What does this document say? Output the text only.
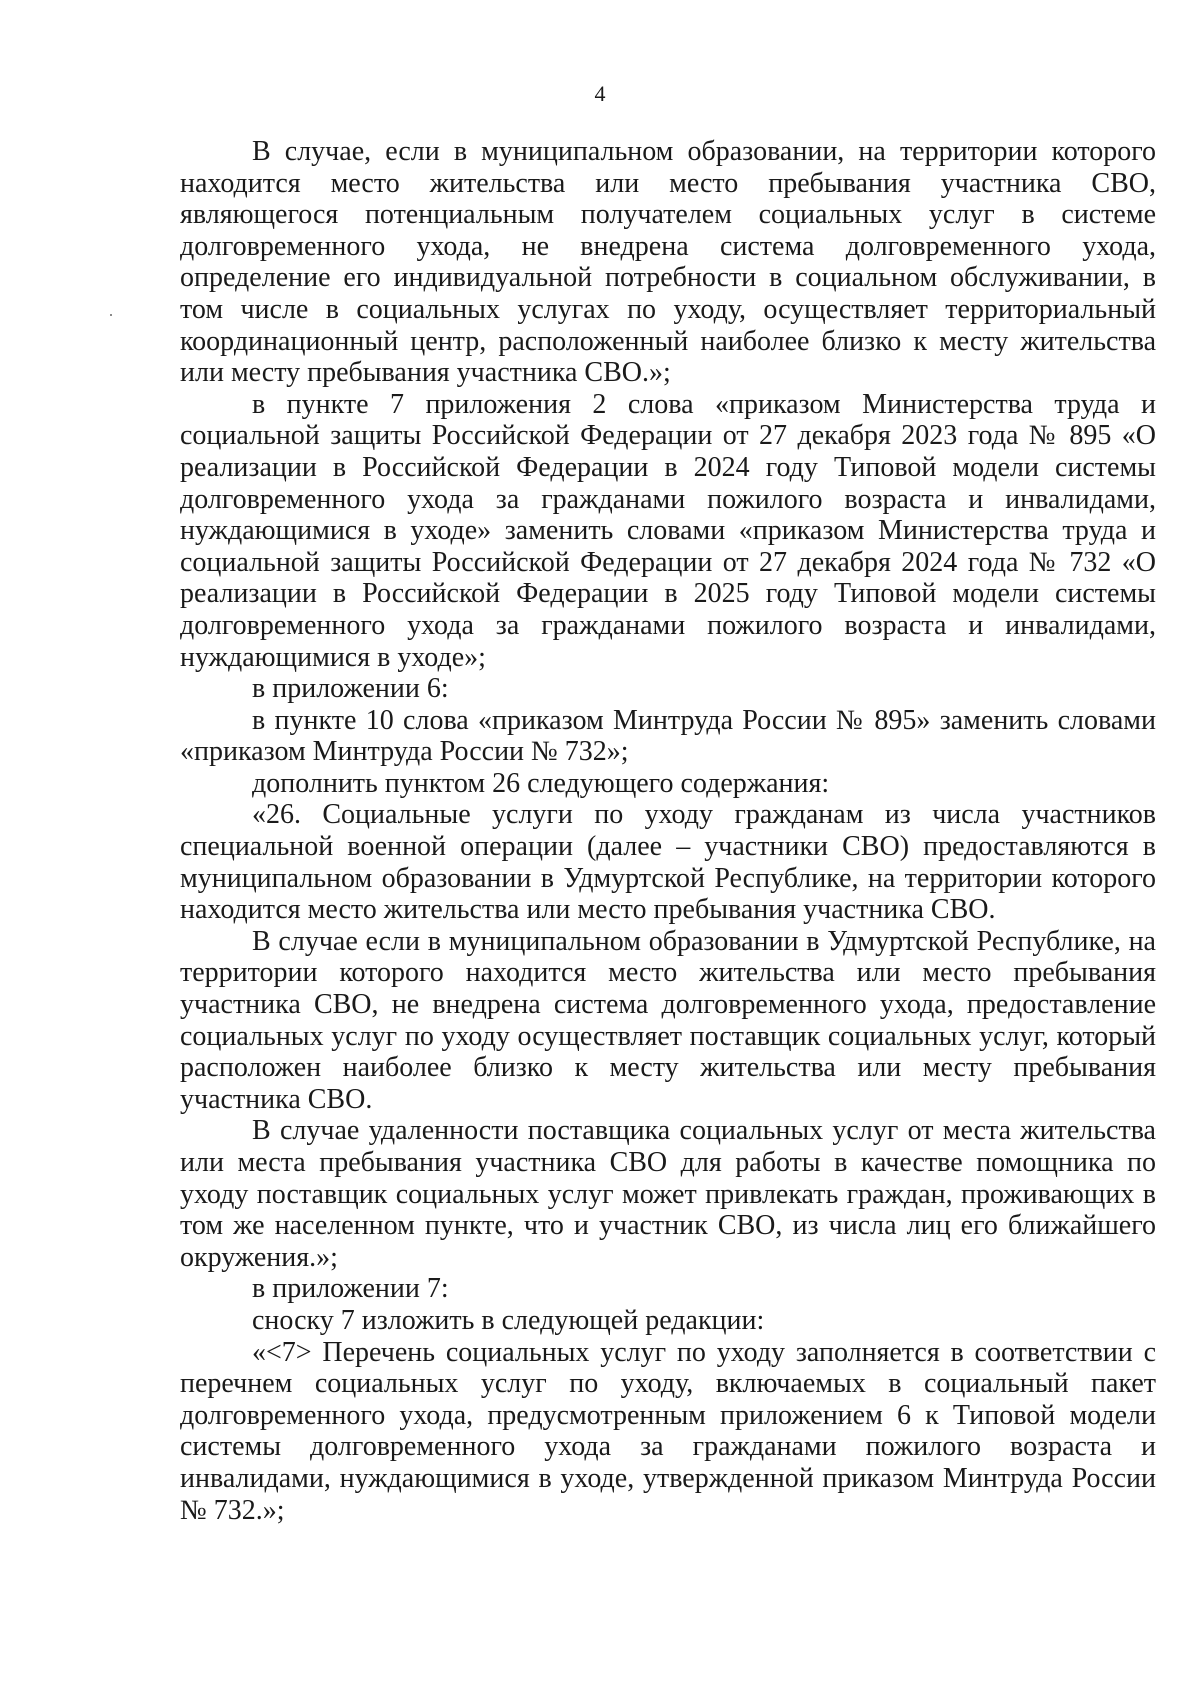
4

В случае, если в муниципальном образовании, на территории которого находится место жительства или место пребывания участника СВО, являющегося потенциальным получателем социальных услуг в системе долговременного ухода, не внедрена система долговременного ухода, определение его индивидуальной потребности в социальном обслуживании, в том числе в социальных услугах по уходу, осуществляет территориальный координационный центр, расположенный наиболее близко к месту жительства или месту пребывания участника СВО.»;

в пункте 7 приложения 2 слова «приказом Министерства труда и социальной защиты Российской Федерации от 27 декабря 2023 года № 895 «О реализации в Российской Федерации в 2024 году Типовой модели системы долговременного ухода за гражданами пожилого возраста и инвалидами, нуждающимися в уходе» заменить словами «приказом Министерства труда и социальной защиты Российской Федерации от 27 декабря 2024 года № 732 «О реализации в Российской Федерации в 2025 году Типовой модели системы долговременного ухода за гражданами пожилого возраста и инвалидами, нуждающимися в уходе»;

в приложении 6:

в пункте 10 слова «приказом Минтруда России № 895» заменить словами «приказом Минтруда России № 732»;

дополнить пунктом 26 следующего содержания:

«26. Социальные услуги по уходу гражданам из числа участников специальной военной операции (далее – участники СВО) предоставляются в муниципальном образовании в Удмуртской Республике, на территории которого находится место жительства или место пребывания участника СВО.

В случае если в муниципальном образовании в Удмуртской Республике, на территории которого находится место жительства или место пребывания участника СВО, не внедрена система долговременного ухода, предоставление социальных услуг по уходу осуществляет поставщик социальных услуг, который расположен наиболее близко к месту жительства или месту пребывания участника СВО.

В случае удаленности поставщика социальных услуг от места жительства или места пребывания участника СВО для работы в качестве помощника по уходу поставщик социальных услуг может привлекать граждан, проживающих в том же населенном пункте, что и участник СВО, из числа лиц его ближайшего окружения.»;

в приложении 7:

сноску 7 изложить в следующей редакции:

«<7> Перечень социальных услуг по уходу заполняется в соответствии с перечнем социальных услуг по уходу, включаемых в социальный пакет долговременного ухода, предусмотренным приложением 6 к Типовой модели системы долговременного ухода за гражданами пожилого возраста и инвалидами, нуждающимися в уходе, утвержденной приказом Минтруда России № 732.»;
